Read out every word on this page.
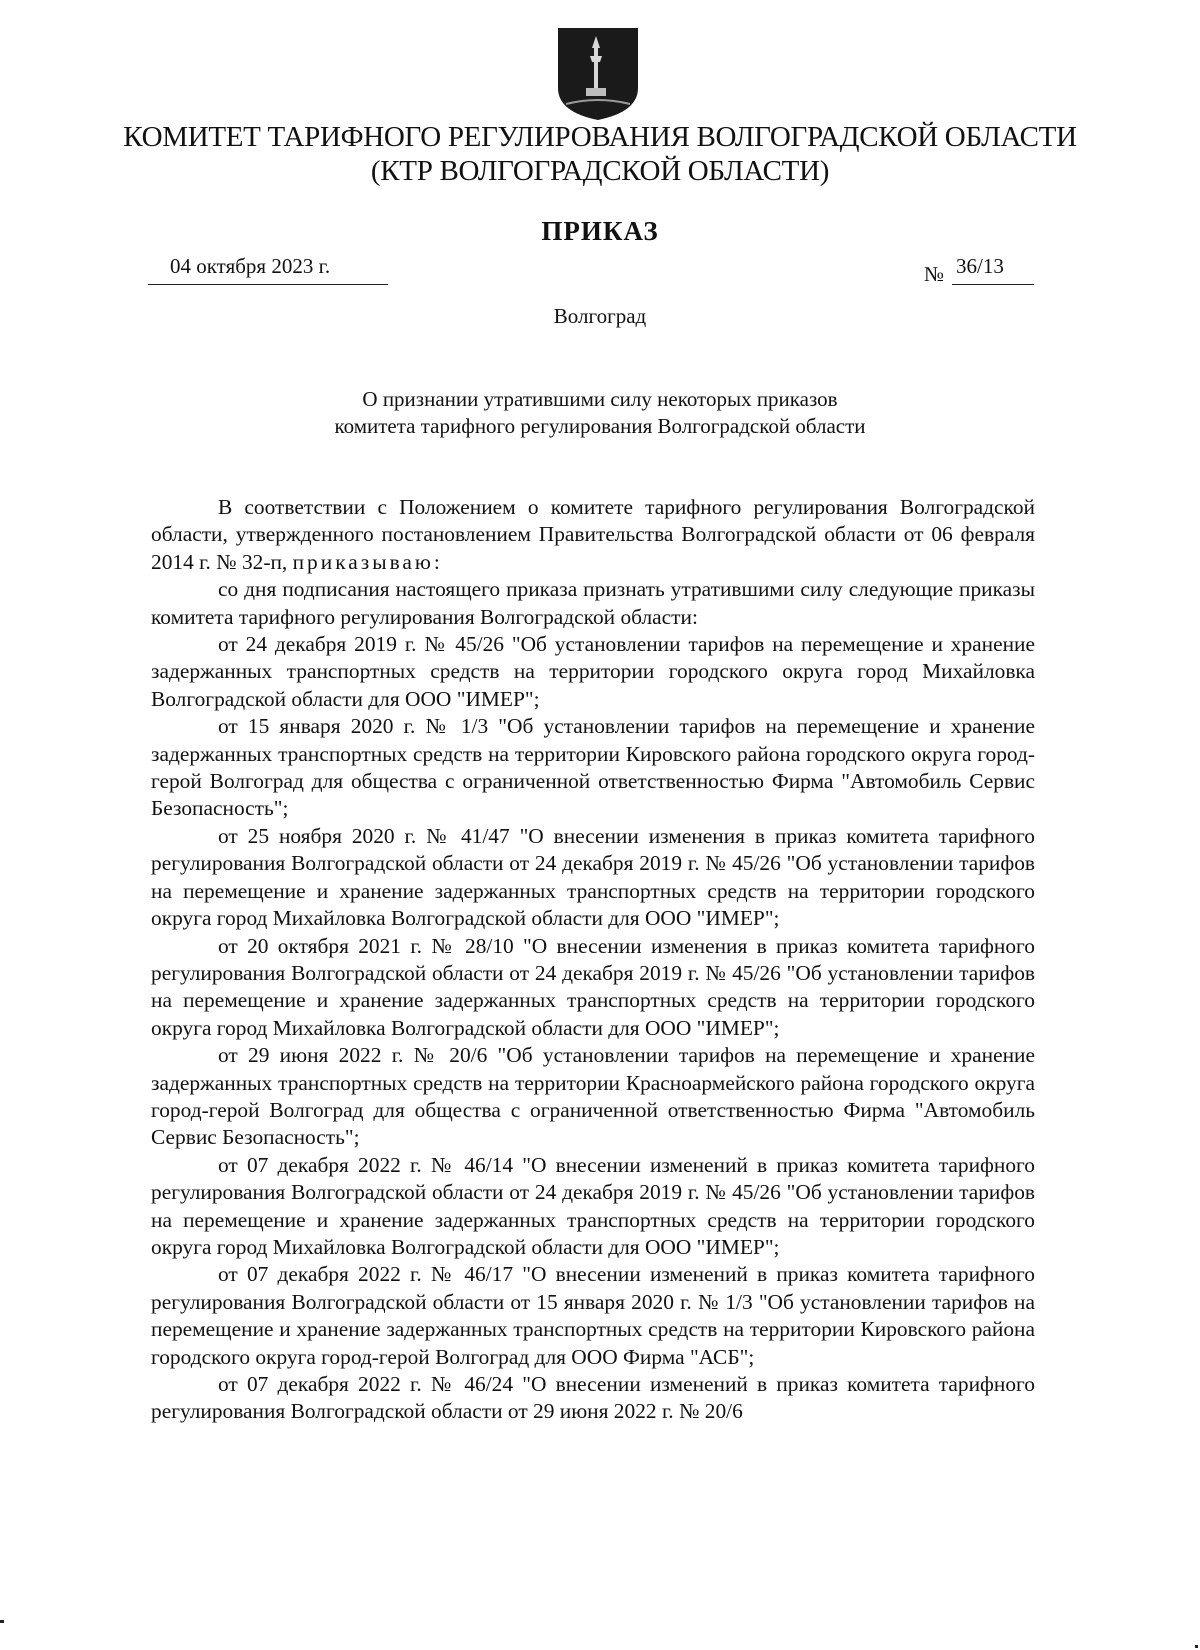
КОМИТЕТ ТАРИФНОГО РЕГУЛИРОВАНИЯ ВОЛГОГРАДСКОЙ ОБЛАСТИ
(КТР ВОЛГОГРАДСКОЙ ОБЛАСТИ)
ПРИКАЗ
04 октября 2023 г.	№ 36/13
Волгоград
О признании утратившими силу некоторых приказов
комитета тарифного регулирования Волгоградской области

В соответствии с Положением о комитете тарифного регулирования Волгоградской области, утвержденного постановлением Правительства Волгоградской области от 06 февраля 2014 г. № 32-п, приказываю:

со дня подписания настоящего приказа признать утратившими силу следующие приказы комитета тарифного регулирования Волгоградской области:

от 24 декабря 2019 г. № 45/26 "Об установлении тарифов на перемещение и хранение задержанных транспортных средств на территории городского округа город Михайловка Волгоградской области для ООО "ИМЕР";

от 15 января 2020 г. № 1/3 "Об установлении тарифов на перемещение и хранение задержанных транспортных средств на территории Кировского района городского округа город-герой Волгоград для общества с ограниченной ответственностью Фирма "Автомобиль Сервис Безопасность";

от 25 ноября 2020 г. № 41/47 "О внесении изменения в приказ комитета тарифного регулирования Волгоградской области от 24 декабря 2019 г. № 45/26 "Об установлении тарифов на перемещение и хранение задержанных транспортных средств на территории городского округа город Михайловка Волгоградской области для ООО "ИМЕР";

от 20 октября 2021 г. № 28/10 "О внесении изменения в приказ комитета тарифного регулирования Волгоградской области от 24 декабря 2019 г. № 45/26 "Об установлении тарифов на перемещение и хранение задержанных транспортных средств на территории городского округа город Михайловка Волгоградской области для ООО "ИМЕР";

от 29 июня 2022 г. № 20/6 "Об установлении тарифов на перемещение и хранение задержанных транспортных средств на территории Красноармейского района городского округа город-герой Волгоград для общества с ограниченной ответственностью Фирма "Автомобиль Сервис Безопасность";

от 07 декабря 2022 г. № 46/14 "О внесении изменений в приказ комитета тарифного регулирования Волгоградской области от 24 декабря 2019 г. № 45/26 "Об установлении тарифов на перемещение и хранение задержанных транспортных средств на территории городского округа город Михайловка Волгоградской области для ООО "ИМЕР";

от 07 декабря 2022 г. № 46/17 "О внесении изменений в приказ комитета тарифного регулирования Волгоградской области от 15 января 2020 г. № 1/3 "Об установлении тарифов на перемещение и хранение задержанных транспортных средств на территории Кировского района городского округа город-герой Волгоград для ООО Фирма "АСБ";

от 07 декабря 2022 г. № 46/24 "О внесении изменений в приказ комитета тарифного регулирования Волгоградской области от 29 июня 2022 г. № 20/6
